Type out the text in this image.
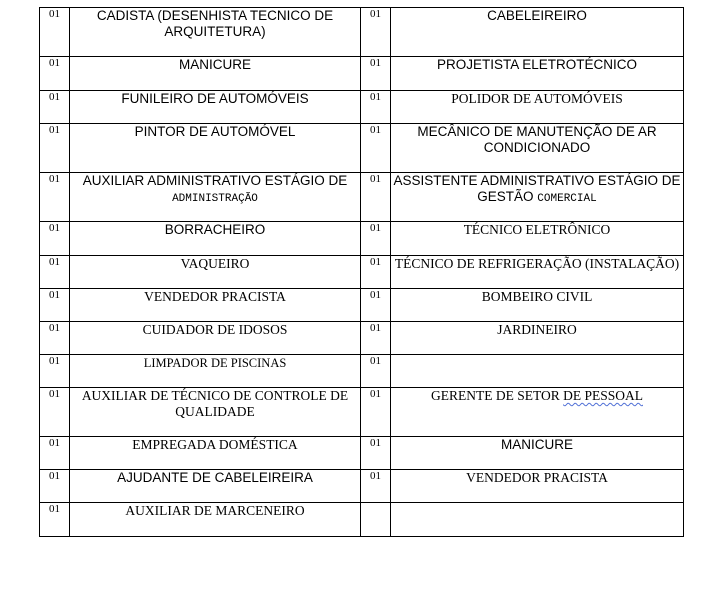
01	CADISTA (DESENHISTA TECNICO DE ARQUITETURA)	01	CABELEIREIRO
01	MANICURE	01	PROJETISTA ELETROTÉCNICO
01	FUNILEIRO DE AUTOMÓVEIS	01	POLIDOR DE AUTOMÓVEIS
01	PINTOR DE AUTOMÓVEL	01	MECÂNICO DE MANUTENÇÃO DE AR CONDICIONADO
01	AUXILIAR ADMINISTRATIVO ESTÁGIO DE ADMINISTRAÇÃO	01	ASSISTENTE ADMINISTRATIVO ESTÁGIO DE GESTÃO COMERCIAL
01	BORRACHEIRO	01	TÉCNICO ELETRÔNICO
01	VAQUEIRO	01	TÉCNICO DE REFRIGERAÇÃO (INSTALAÇÃO)
01	VENDEDOR PRACISTA	01	BOMBEIRO CIVIL
01	CUIDADOR DE IDOSOS	01	JARDINEIRO
01	LIMPADOR DE PISCINAS	01	
01	AUXILIAR DE TÉCNICO DE CONTROLE DE QUALIDADE	01	GERENTE DE SETOR DE PESSOAL
01	EMPREGADA DOMÉSTICA	01	MANICURE
01	AJUDANTE DE CABELEIREIRA	01	VENDEDOR PRACISTA
01	AUXILIAR DE MARCENEIRO		
